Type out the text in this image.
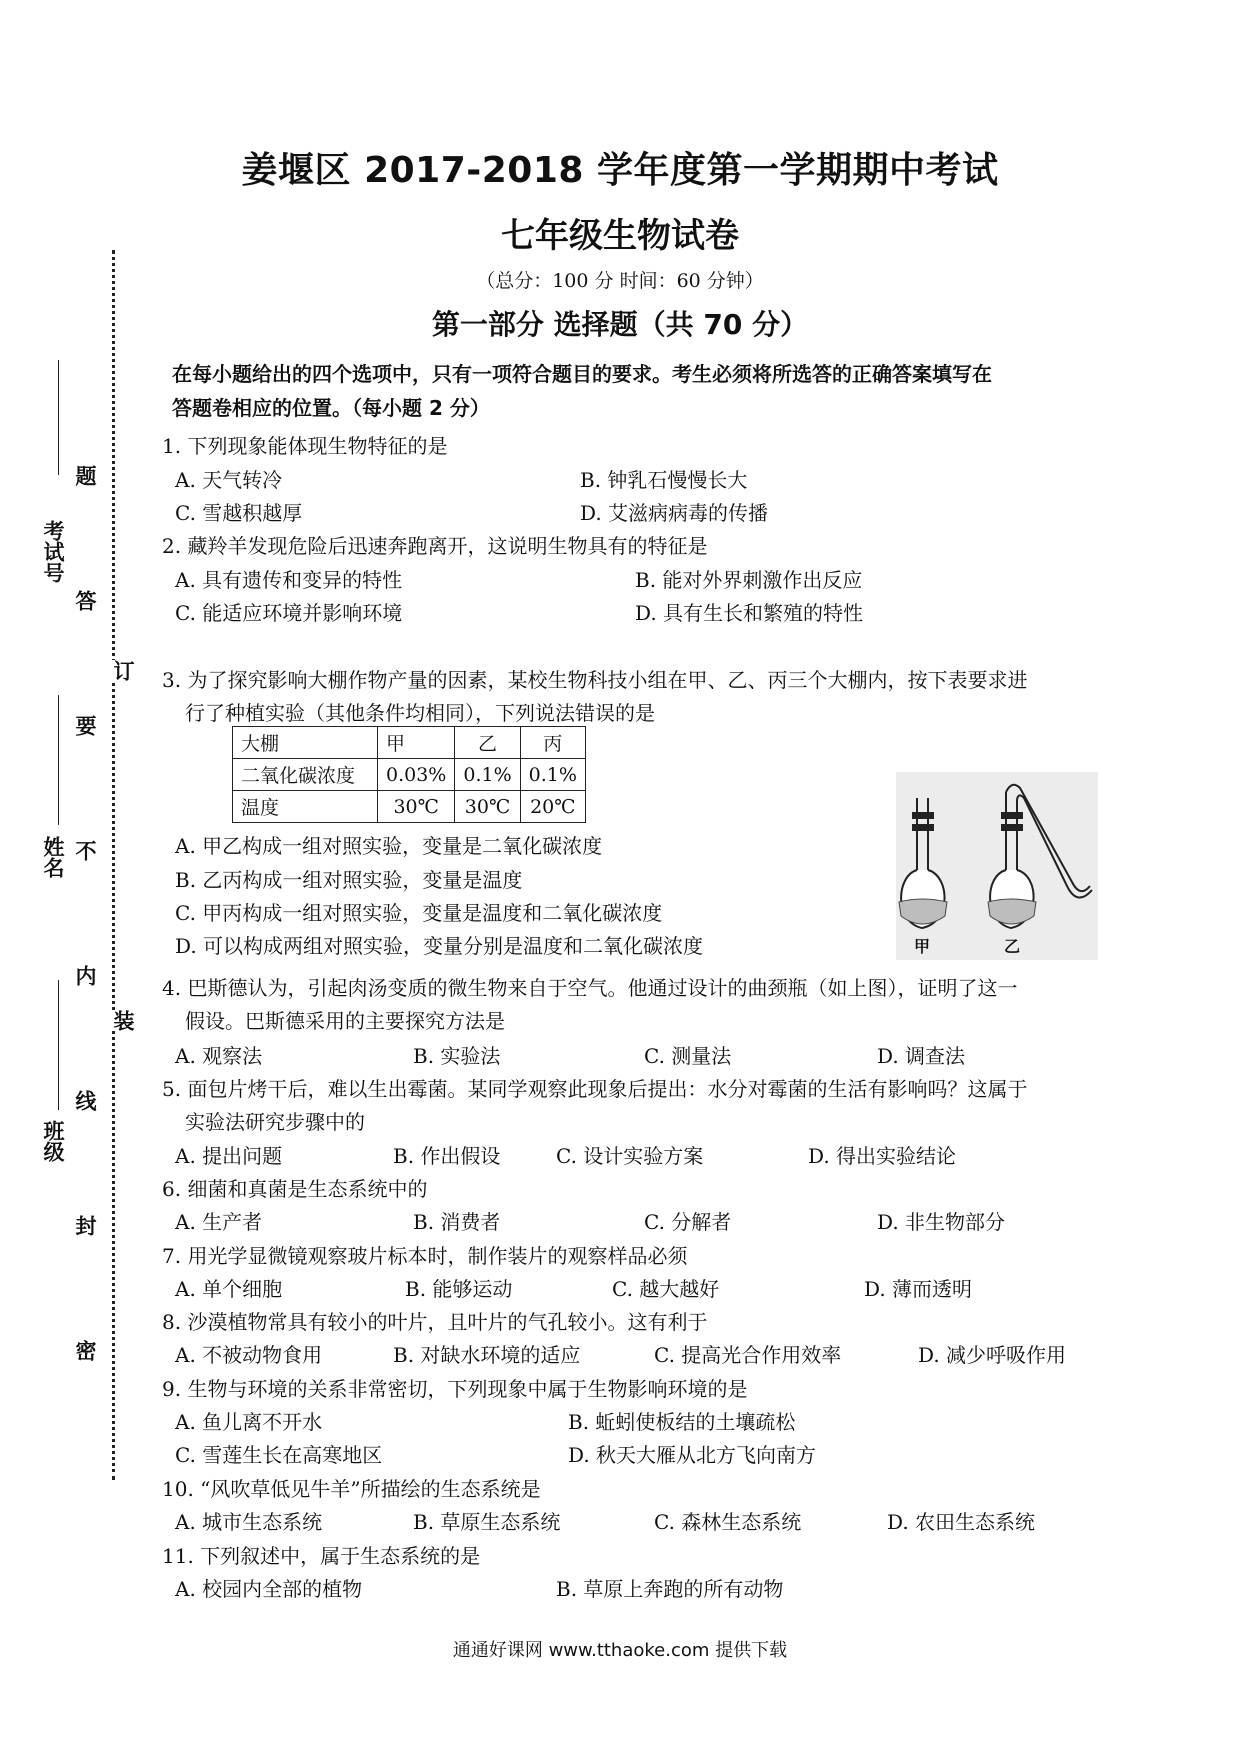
考试号
姓名
班级
题
答
要
不
内
线
封
密
订
装
姜堰区 2017-2018 学年度第一学期期中考试
七年级生物试卷
（总分：100 分 时间：60 分钟）
第一部分 选择题（共 70 分）
在每小题给出的四个选项中，只有一项符合题目的要求。考生必须将所选答的正确答案填写在
答题卷相应的位置。（每小题 2 分）
1. 下列现象能体现生物特征的是
A. 天气转冷	B. 钟乳石慢慢长大
C. 雪越积越厚	D. 艾滋病病毒的传播
2. 藏羚羊发现危险后迅速奔跑离开，这说明生物具有的特征是
A. 具有遗传和变异的特性	B. 能对外界刺激作出反应
C. 能适应环境并影响环境	D. 具有生长和繁殖的特性
3. 为了探究影响大棚作物产量的因素，某校生物科技小组在甲、乙、丙三个大棚内，按下表要求进
行了种植实验（其他条件均相同），下列说法错误的是
大棚	甲	乙	丙
二氧化碳浓度	0.03%	0.1%	0.1%
温度	30℃	30℃	20℃
A. 甲乙构成一组对照实验，变量是二氧化碳浓度
B. 乙丙构成一组对照实验，变量是温度
C. 甲丙构成一组对照实验，变量是温度和二氧化碳浓度
D. 可以构成两组对照实验，变量分别是温度和二氧化碳浓度	甲	乙
4. 巴斯德认为，引起肉汤变质的微生物来自于空气。他通过设计的曲颈瓶（如上图），证明了这一
假设。巴斯德采用的主要探究方法是
A. 观察法	B. 实验法	C. 测量法	D. 调查法
5. 面包片烤干后，难以生出霉菌。某同学观察此现象后提出：水分对霉菌的生活有影响吗？这属于
实验法研究步骤中的
A. 提出问题	B. 作出假设	C. 设计实验方案	D. 得出实验结论
6. 细菌和真菌是生态系统中的
A. 生产者	B. 消费者	C. 分解者	D. 非生物部分
7. 用光学显微镜观察玻片标本时，制作装片的观察样品必须
A. 单个细胞	B. 能够运动	C. 越大越好	D. 薄而透明
8. 沙漠植物常具有较小的叶片，且叶片的气孔较小。这有利于
A. 不被动物食用	B. 对缺水环境的适应	C. 提高光合作用效率	D. 减少呼吸作用
9. 生物与环境的关系非常密切，下列现象中属于生物影响环境的是
A. 鱼儿离不开水	B. 蚯蚓使板结的土壤疏松
C. 雪莲生长在高寒地区	D. 秋天大雁从北方飞向南方
10. “风吹草低见牛羊”所描绘的生态系统是
A. 城市生态系统	B. 草原生态系统	C. 森林生态系统	D. 农田生态系统
11. 下列叙述中，属于生态系统的是
A. 校园内全部的植物	B. 草原上奔跑的所有动物
通通好课网 www.tthaoke.com 提供下载
